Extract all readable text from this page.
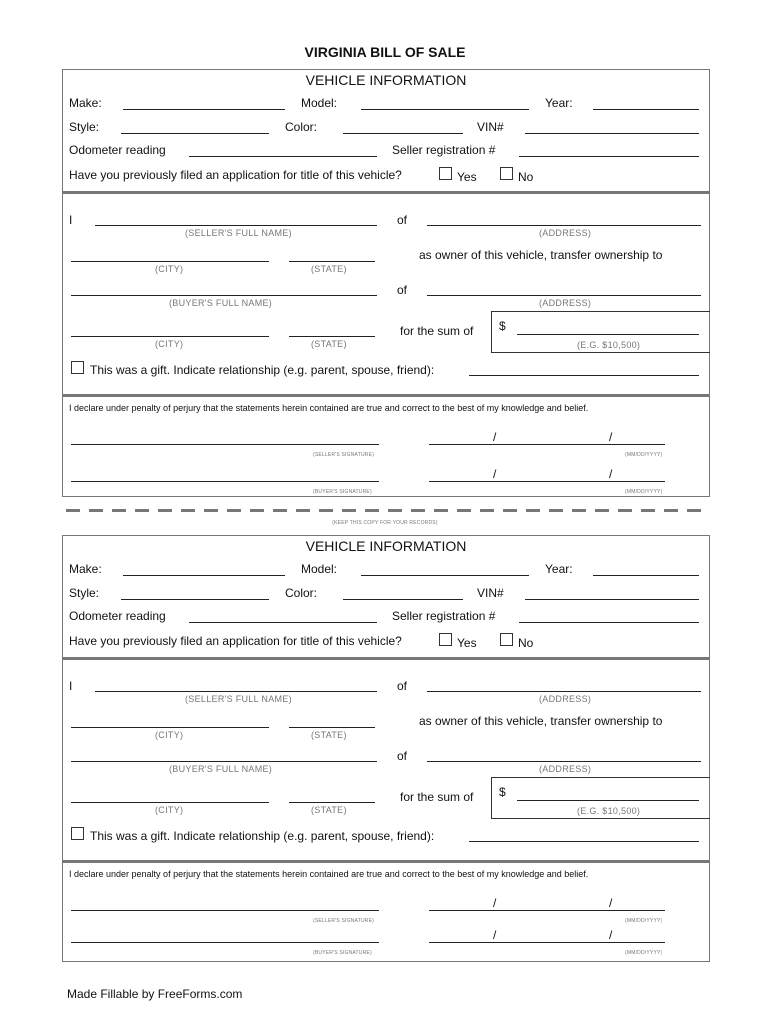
VIRGINIA BILL OF SALE
VEHICLE INFORMATION
Make:	Model:	Year:
Style:	Color:	VIN#
Odometer reading	Seller registration #
Have you previously filed an application for title of this vehicle?	Yes	No
I
(SELLER'S FULL NAME)
of
(ADDRESS)
(CITY)	(STATE)
as owner of this vehicle, transfer ownership to
of
(BUYER'S FULL NAME)	(ADDRESS)
(CITY)	(STATE)
for the sum of $
(E.G. $10,500)
This was a gift. Indicate relationship (e.g. parent, spouse, friend):
I declare under penalty of perjury that the statements herein contained are true and correct to the best of my knowledge and belief.
(SELLER'S SIGNATURE)
/	/
(MM/DD/YYYY)
(BUYER'S SIGNATURE)
/	/
(MM/DD/YYYY)
(KEEP THIS COPY FOR YOUR RECORDS)
VEHICLE INFORMATION
Make:	Model:	Year:
Style:	Color:	VIN#
Odometer reading	Seller registration #
Have you previously filed an application for title of this vehicle?	Yes	No
I
(SELLER'S FULL NAME)
of
(ADDRESS)
(CITY)	(STATE)
as owner of this vehicle, transfer ownership to
of
(BUYER'S FULL NAME)	(ADDRESS)
(CITY)	(STATE)
for the sum of $
(E.G. $10,500)
This was a gift. Indicate relationship (e.g. parent, spouse, friend):
I declare under penalty of perjury that the statements herein contained are true and correct to the best of my knowledge and belief.
(SELLER'S SIGNATURE)
/	/
(MM/DD/YYYY)
(BUYER'S SIGNATURE)
/	/
(MM/DD/YYYY)
Made Fillable by FreeForms.com
